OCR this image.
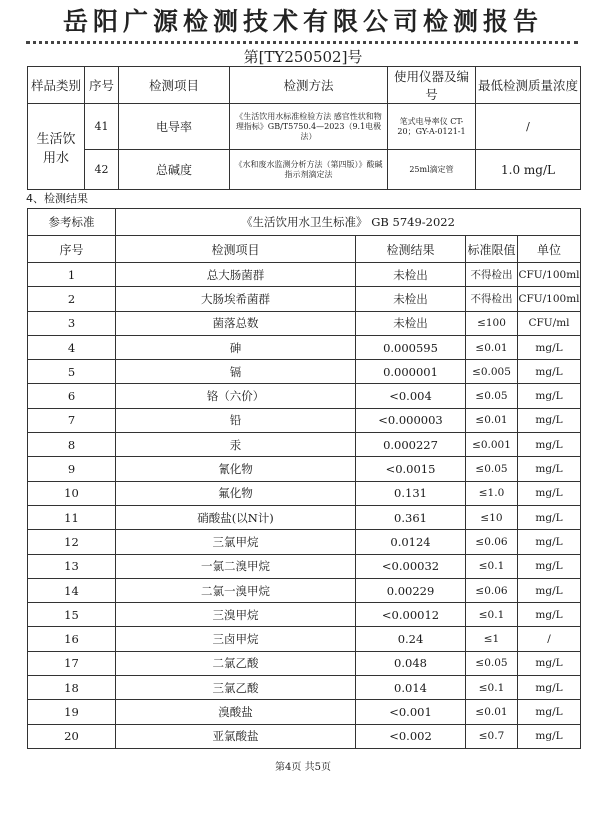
岳阳广源检测技术有限公司检测报告
第[TY250502]号
样品类别	序号	检测项目	检测方法	使用仪器及编号	最低检测质量浓度
生活饮用水	41	电导率	《生活饮用水标准检验方法 感官性状和物理指标》GB/T5750.4—2023（9.1电极法）	笔式电导率仪 CT-20；GY-A-0121-1	/
	42	总碱度	《水和废水监测分析方法（第四版）》酸碱指示剂滴定法	25ml滴定管	1.0 mg/L
4、检测结果
参考标准	《生活饮用水卫生标准》 GB 5749-2022			
序号	检测项目	检测结果	标准限值	单位
1	总大肠菌群	未检出	不得检出	CFU/100ml
2	大肠埃希菌群	未检出	不得检出	CFU/100ml
3	菌落总数	未检出	≤100	CFU/ml
4	砷	0.000595	≤0.01	mg/L
5	镉	0.000001	≤0.005	mg/L
6	铬（六价）	<0.004	≤0.05	mg/L
7	铅	<0.000003	≤0.01	mg/L
8	汞	0.000227	≤0.001	mg/L
9	氰化物	<0.0015	≤0.05	mg/L
10	氟化物	0.131	≤1.0	mg/L
11	硝酸盐(以N计)	0.361	≤10	mg/L
12	三氯甲烷	0.0124	≤0.06	mg/L
13	一氯二溴甲烷	<0.00032	≤0.1	mg/L
14	二氯一溴甲烷	0.00229	≤0.06	mg/L
15	三溴甲烷	<0.00012	≤0.1	mg/L
16	三卤甲烷	0.24	≤1	/
17	二氯乙酸	0.048	≤0.05	mg/L
18	三氯乙酸	0.014	≤0.1	mg/L
19	溴酸盐	<0.001	≤0.01	mg/L
20	亚氯酸盐	<0.002	≤0.7	mg/L
第4页 共5页
